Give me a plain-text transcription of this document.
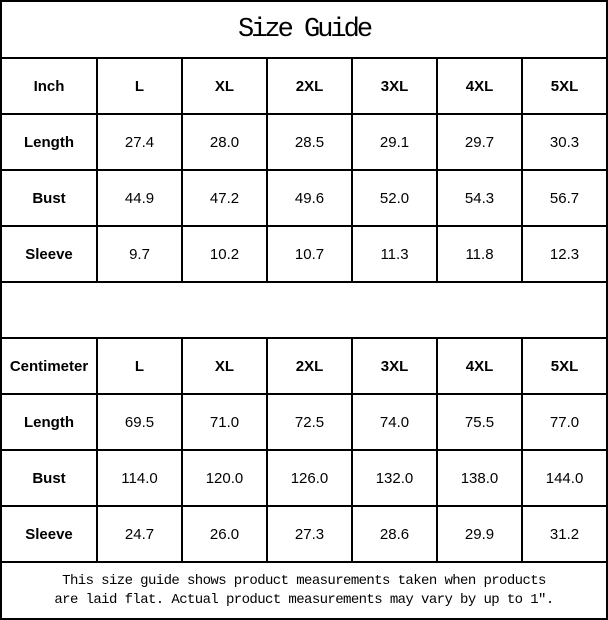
Size Guide						
Inch	L	XL	2XL	3XL	4XL	5XL
Length	27.4	28.0	28.5	29.1	29.7	30.3
Bust	44.9	47.2	49.6	52.0	54.3	56.7
Sleeve	9.7	10.2	10.7	11.3	11.8	12.3

Centimeter	L	XL	2XL	3XL	4XL	5XL
Length	69.5	71.0	72.5	74.0	75.5	77.0
Bust	114.0	120.0	126.0	132.0	138.0	144.0
Sleeve	24.7	26.0	27.3	28.6	29.9	31.2

This size guide shows product measurements taken when products
are laid flat. Actual product measurements may vary by up to 1″.						
